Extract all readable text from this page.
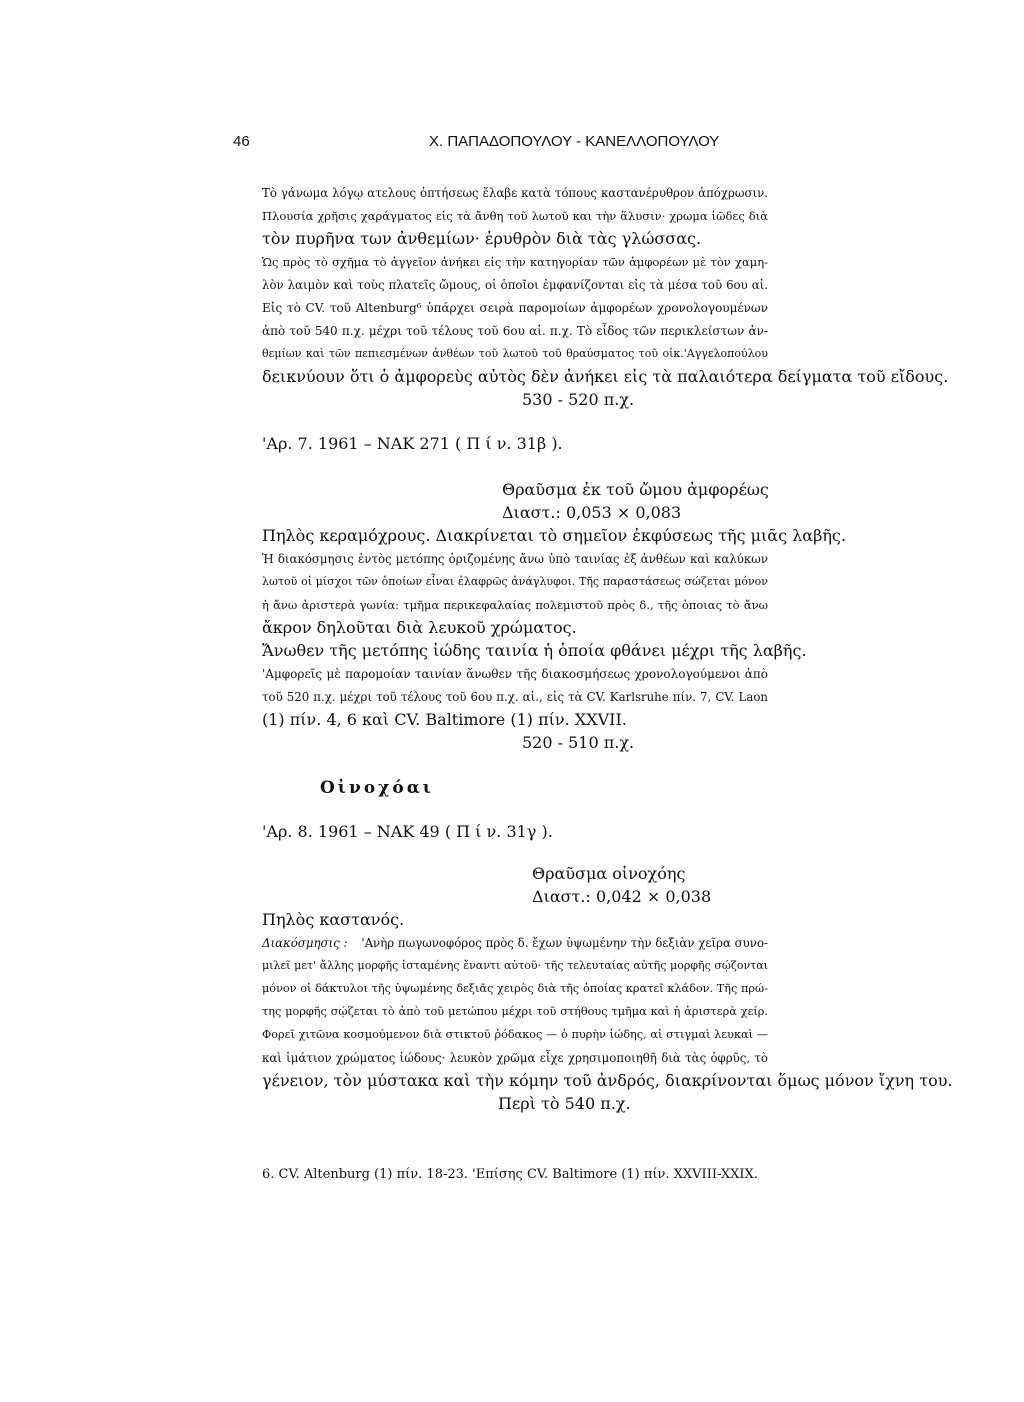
46	Χ. ΠΑΠΑΔΟΠΟΥΛΟΥ - ΚΑΝΕΛΛΟΠΟΥΛΟΥ
Τὸ γάνωμα λόγῳ ατελους ὀπτήσεως ἔλαβε κατὰ τόπους καστανέρυθρον ἀπόχρωσιν.
Πλουσία χρῆσις χαράγματος εἰς τὰ ἄνθη τοῦ λωτοῦ και τὴν ἅλυσιν· χρωμα ἰῶδες διὰ
τὸν πυρῆνα των ἀνθεμίων· ἐρυθρὸν διὰ τὰς γλώσσας.
Ὡς πρὸς τὸ σχῆμα τὸ ἀγγεῖον ἀνήκει εἰς τὴν κατηγορίαν τῶν ἀμφορέων μὲ τὸν χαμη-
λὸν λαιμὸν καὶ τοὺς πλατεῖς ὤμους, οἱ ὁποῖοι ἐμφανίζονται εἰς τὰ μέσα τοῦ 6ου αἰ.
Εἰς τὸ CV. τοῦ Altenburg⁶ ὑπάρχει σειρὰ παρομοίων ἀμφορέων χρονολογουμένων
ἀπὸ τοῦ 540 π.χ. μέχρι τοῦ τέλους τοῦ 6ου αἰ. π.χ. Τὸ εἶδος τῶν περικλείστων ἀν-
θεμίων καὶ τῶν πεπιεσμένων ἀνθέων τοῦ λωτοῦ τοῦ θραύσματος τοῦ οἰκ.'Αγγελοπούλου
δεικνύουν ὅτι ὁ ἀμφορεὺς αὐτὸς δὲν ἀνήκει εἰς τὰ παλαιότερα δείγματα τοῦ εἴδους.
530 - 520 π.χ.
'Αρ. 7. 1961 – ΝΑΚ 271 ( Π ί ν. 31β ).
Θραῦσμα ἐκ τοῦ ὤμου ἀμφορέως
Διαστ.: 0,053 × 0,083
Πηλὸς κεραμόχρους. Διακρίνεται τὸ σημεῖον ἐκφύσεως τῆς μιᾶς λαβῆς.
Ἡ διακόσμησις ἐντὸς μετόπης ὁριζομένης ἄνω ὑπὸ ταινίας ἐξ ἀνθέων καὶ καλύκων
λωτοῦ οἱ μίσχοι τῶν ὁποίων εἶναι ἐλαφρῶς ἀνάγλυφοι. Τῆς παραστάσεως σώζεται μόνον
ἡ ἄνω ἀριστερὰ γωνία: τμῆμα περικεφαλαίας πολεμιστοῦ πρὸς δ., τῆς ὁποιας τὸ ἄνω
ἄκρον δηλοῦται διὰ λευκοῦ χρώματος.
Ἄνωθεν τῆς μετόπης ἰώδης ταινία ἡ ὁποία φθάνει μέχρι τῆς λαβῆς.
'Αμφορεῖς μὲ παρομοίαν ταινίαν ἄνωθεν τῆς διακοσμήσεως χρονολογούμενοι ἀπὸ
τοῦ 520 π.χ. μέχρι τοῦ τέλους τοῦ 6ου π.χ. αἰ., εἰς τὰ CV. Karlsruhe πίν. 7, CV. Laon
(1) πίν. 4, 6 καὶ CV. Baltimore (1) πίν. XXVII.
520 - 510 π.χ.
Οἰνοχόαι
'Αρ. 8. 1961 – ΝΑΚ 49 ( Π ί ν. 31γ ).
Θραῦσμα οἰνοχόης
Διαστ.: 0,042 × 0,038
Πηλὸς καστανός.
Διακόσμησις : 'Ανὴρ πωγωνοφόρος πρὸς δ. ἔχων ὑψωμένην τὴν δεξιὰν χεῖρα συνο-
μιλεῖ μετ' ἄλλης μορφῆς ἱσταμένης ἔναντι αὐτοῦ· τῆς τελευταίας αὐτῆς μορφῆς σῴζονται
μόνον οἱ δάκτυλοι τῆς ὑψωμένης δεξιᾶς χειρὸς διὰ τῆς ὁποίας κρατεῖ κλάδον. Τῆς πρώ-
της μορφῆς σῴζεται τὸ ἀπὸ τοῦ μετώπου μέχρι τοῦ στήθους τμῆμα καὶ ἡ ἀριστερὰ χείρ.
Φορεῖ χιτῶνα κοσμούμενον διὰ στικτοῦ ῥόδακος — ὁ πυρὴν ἰώδης, αἱ στιγμαὶ λευκαὶ —
καὶ ἱμάτιον χρώματος ἰώδους· λευκὸν χρῶμα εἶχε χρησιμοποιηθῆ διὰ τὰς ὀφρῦς, τὸ
γένειον, τὸν μύστακα καὶ τὴν κόμην τοῦ ἀνδρός, διακρίνονται ὅμως μόνον ἴχνη του.
Περὶ τὸ 540 π.χ.
6. CV. Altenburg (1) πίν. 18-23. 'Επίσης CV. Baltimore (1) πίν. XXVIII-XXIX.
